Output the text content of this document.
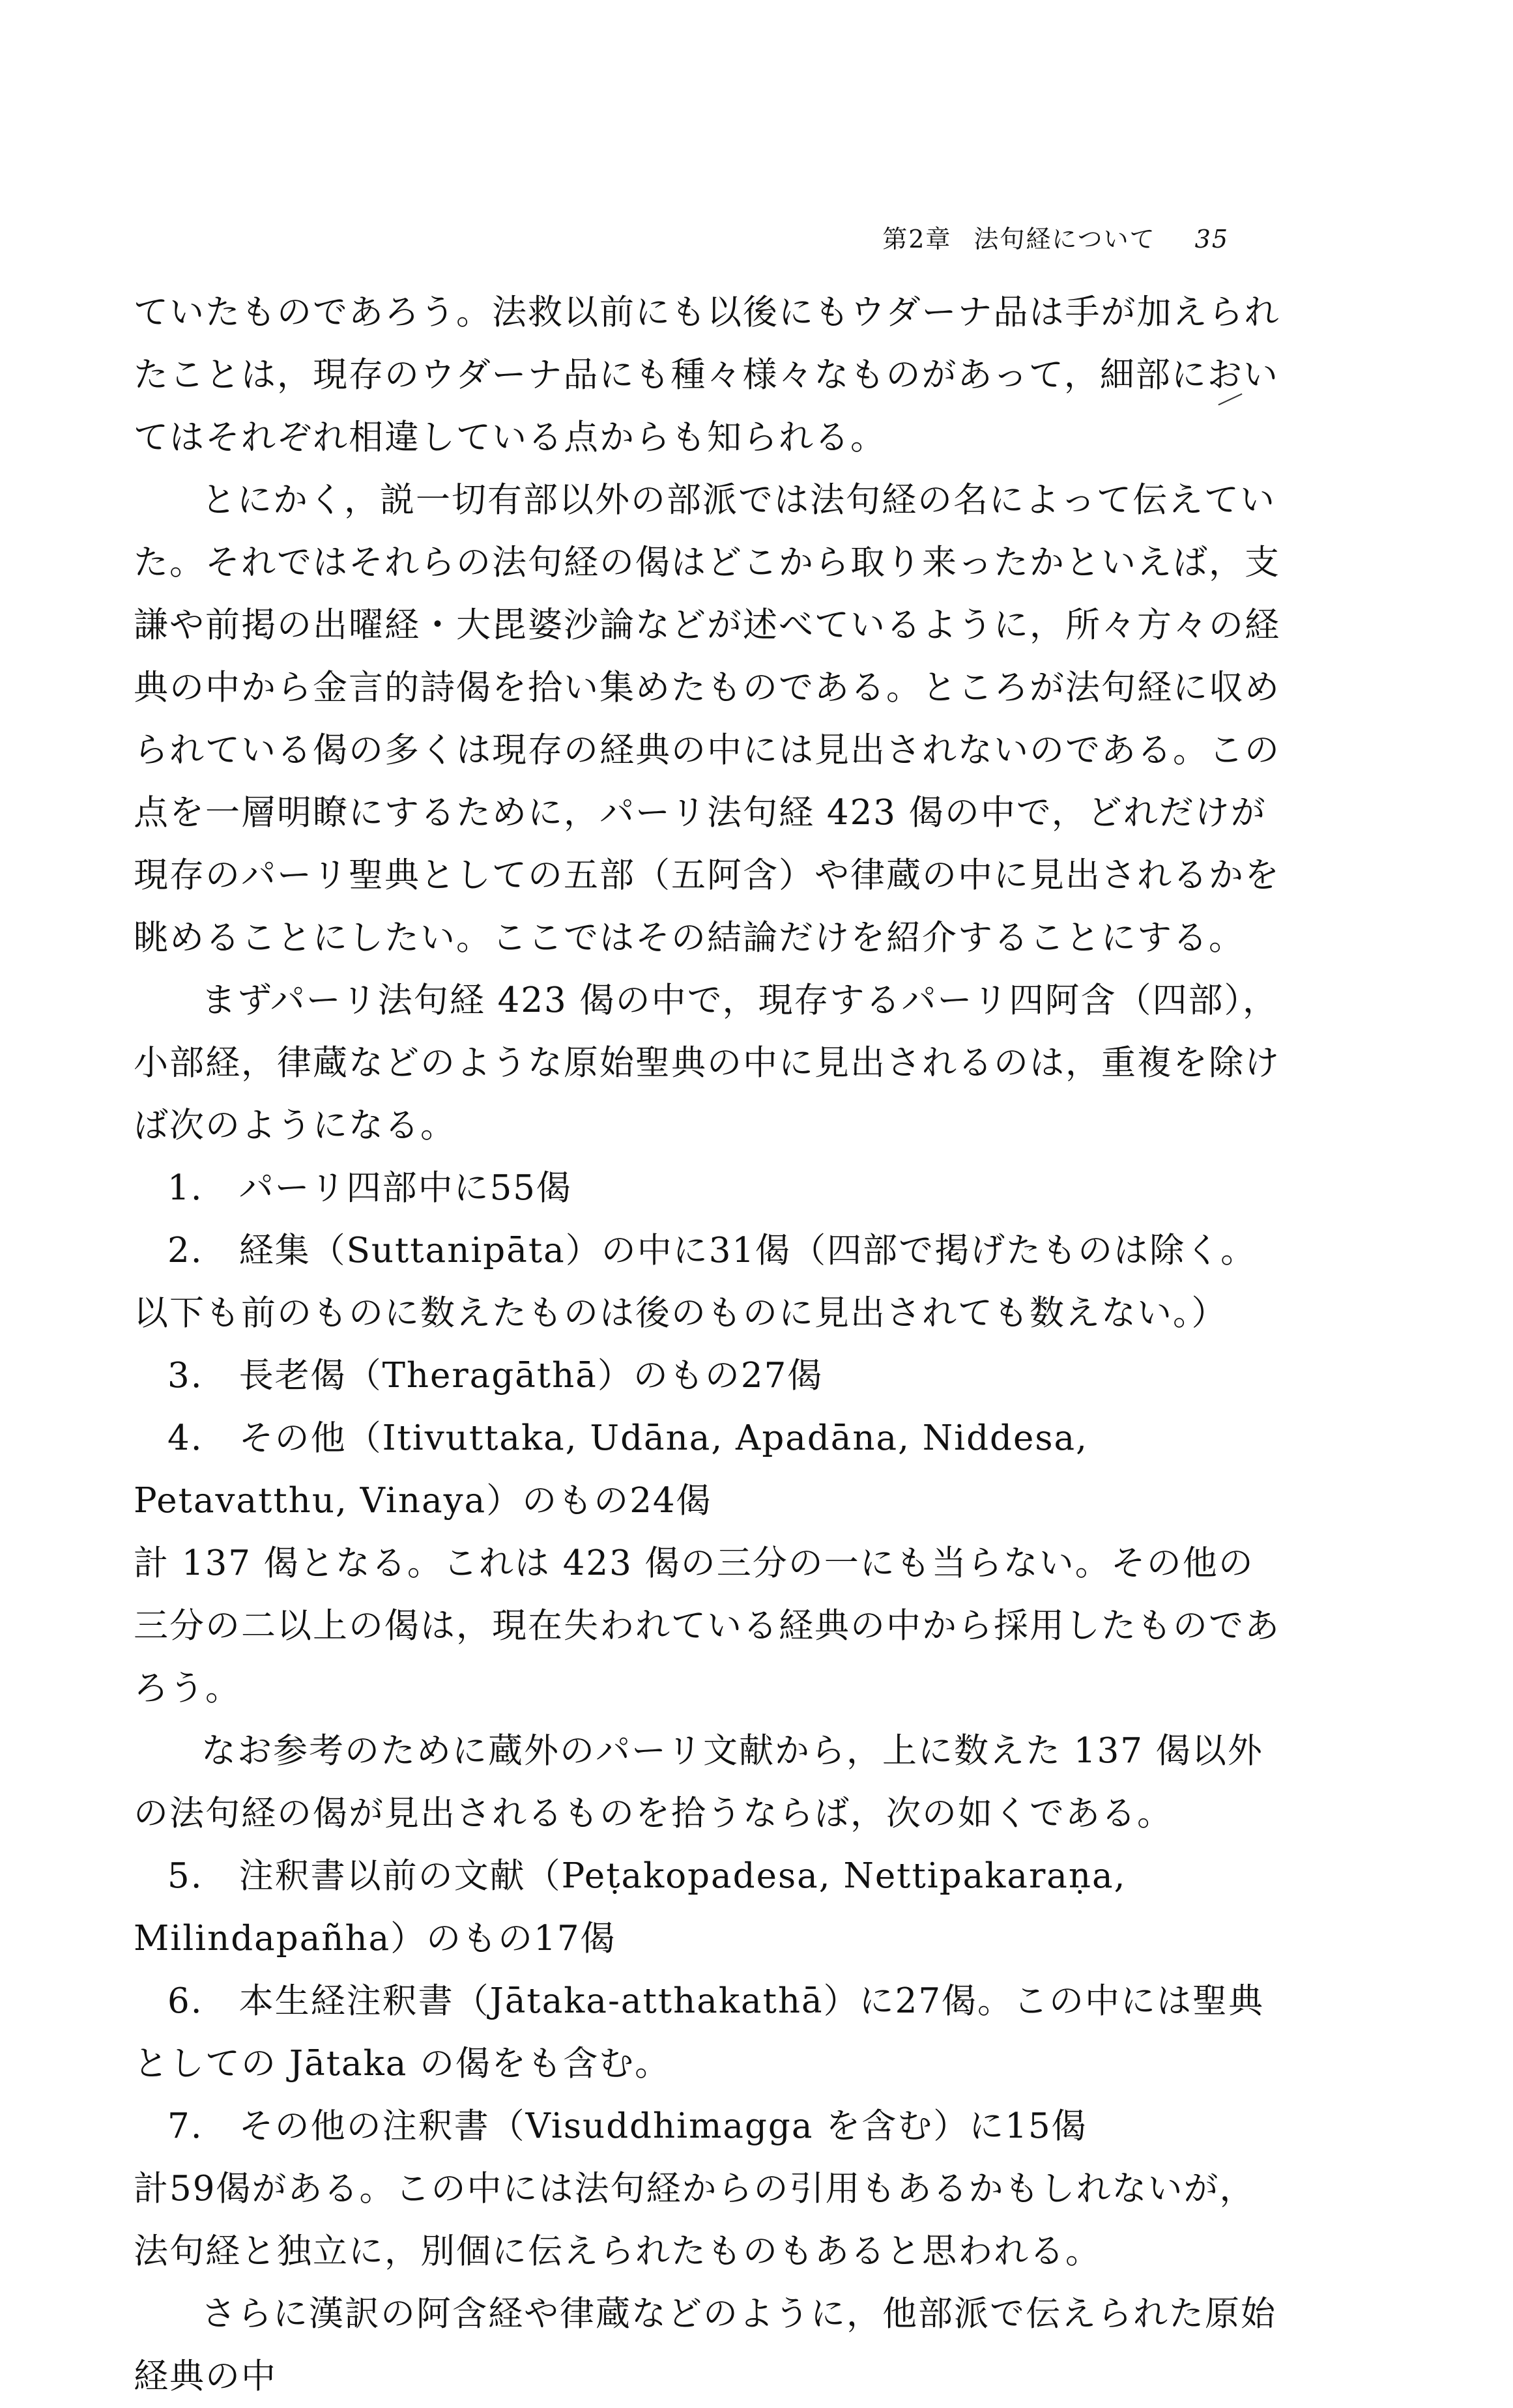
第2章 法句経について 35

ていたものであろう。法救以前にも以後にもウダーナ品は手が加えられたことは，現存のウダーナ品にも種々様々なものがあって，細部においてはそれぞれ相違している点からも知られる。

とにかく，説一切有部以外の部派では法句経の名によって伝えていた。それではそれらの法句経の偈はどこから取り来ったかといえば，支謙や前掲の出曜経・大毘婆沙論などが述べているように，所々方々の経典の中から金言的詩偈を拾い集めたものである。ところが法句経に収められている偈の多くは現存の経典の中には見出されないのである。この点を一層明瞭にするために，パーリ法句経 423 偈の中で，どれだけが現存のパーリ聖典としての五部（五阿含）や律蔵の中に見出されるかを眺めることにしたい。ここではその結論だけを紹介することにする。

まずパーリ法句経 423 偈の中で，現存するパーリ四阿含（四部），小部経，律蔵などのような原始聖典の中に見出されるのは，重複を除けば次のようになる。

1.　パーリ四部中に55偈

2.　経集（Suttanipāta）の中に31偈（四部で掲げたものは除く。以下も前のものに数えたものは後のものに見出されても数えない。）

3.　長老偈（Theragāthā）のもの27偈

4.　その他（Itivuttaka, Udāna, Apadāna, Niddesa, Petavatthu, Vinaya）のもの24偈

計 137 偈となる。これは 423 偈の三分の一にも当らない。その他の三分の二以上の偈は，現在失われている経典の中から採用したものであろう。

なお参考のために蔵外のパーリ文献から，上に数えた 137 偈以外の法句経の偈が見出されるものを拾うならば，次の如くである。

5.　注釈書以前の文献（Peṭakopadesa, Nettipakaraṇa, Milindapañha）のもの17偈

6.　本生経注釈書（Jātaka-atthakathā）に27偈。この中には聖典としての Jātaka の偈をも含む。

7.　その他の注釈書（Visuddhimagga を含む）に15偈

計59偈がある。この中には法句経からの引用もあるかもしれないが，法句経と独立に，別個に伝えられたものもあると思われる。

さらに漢訳の阿含経や律蔵などのように，他部派で伝えられた原始経典の中
